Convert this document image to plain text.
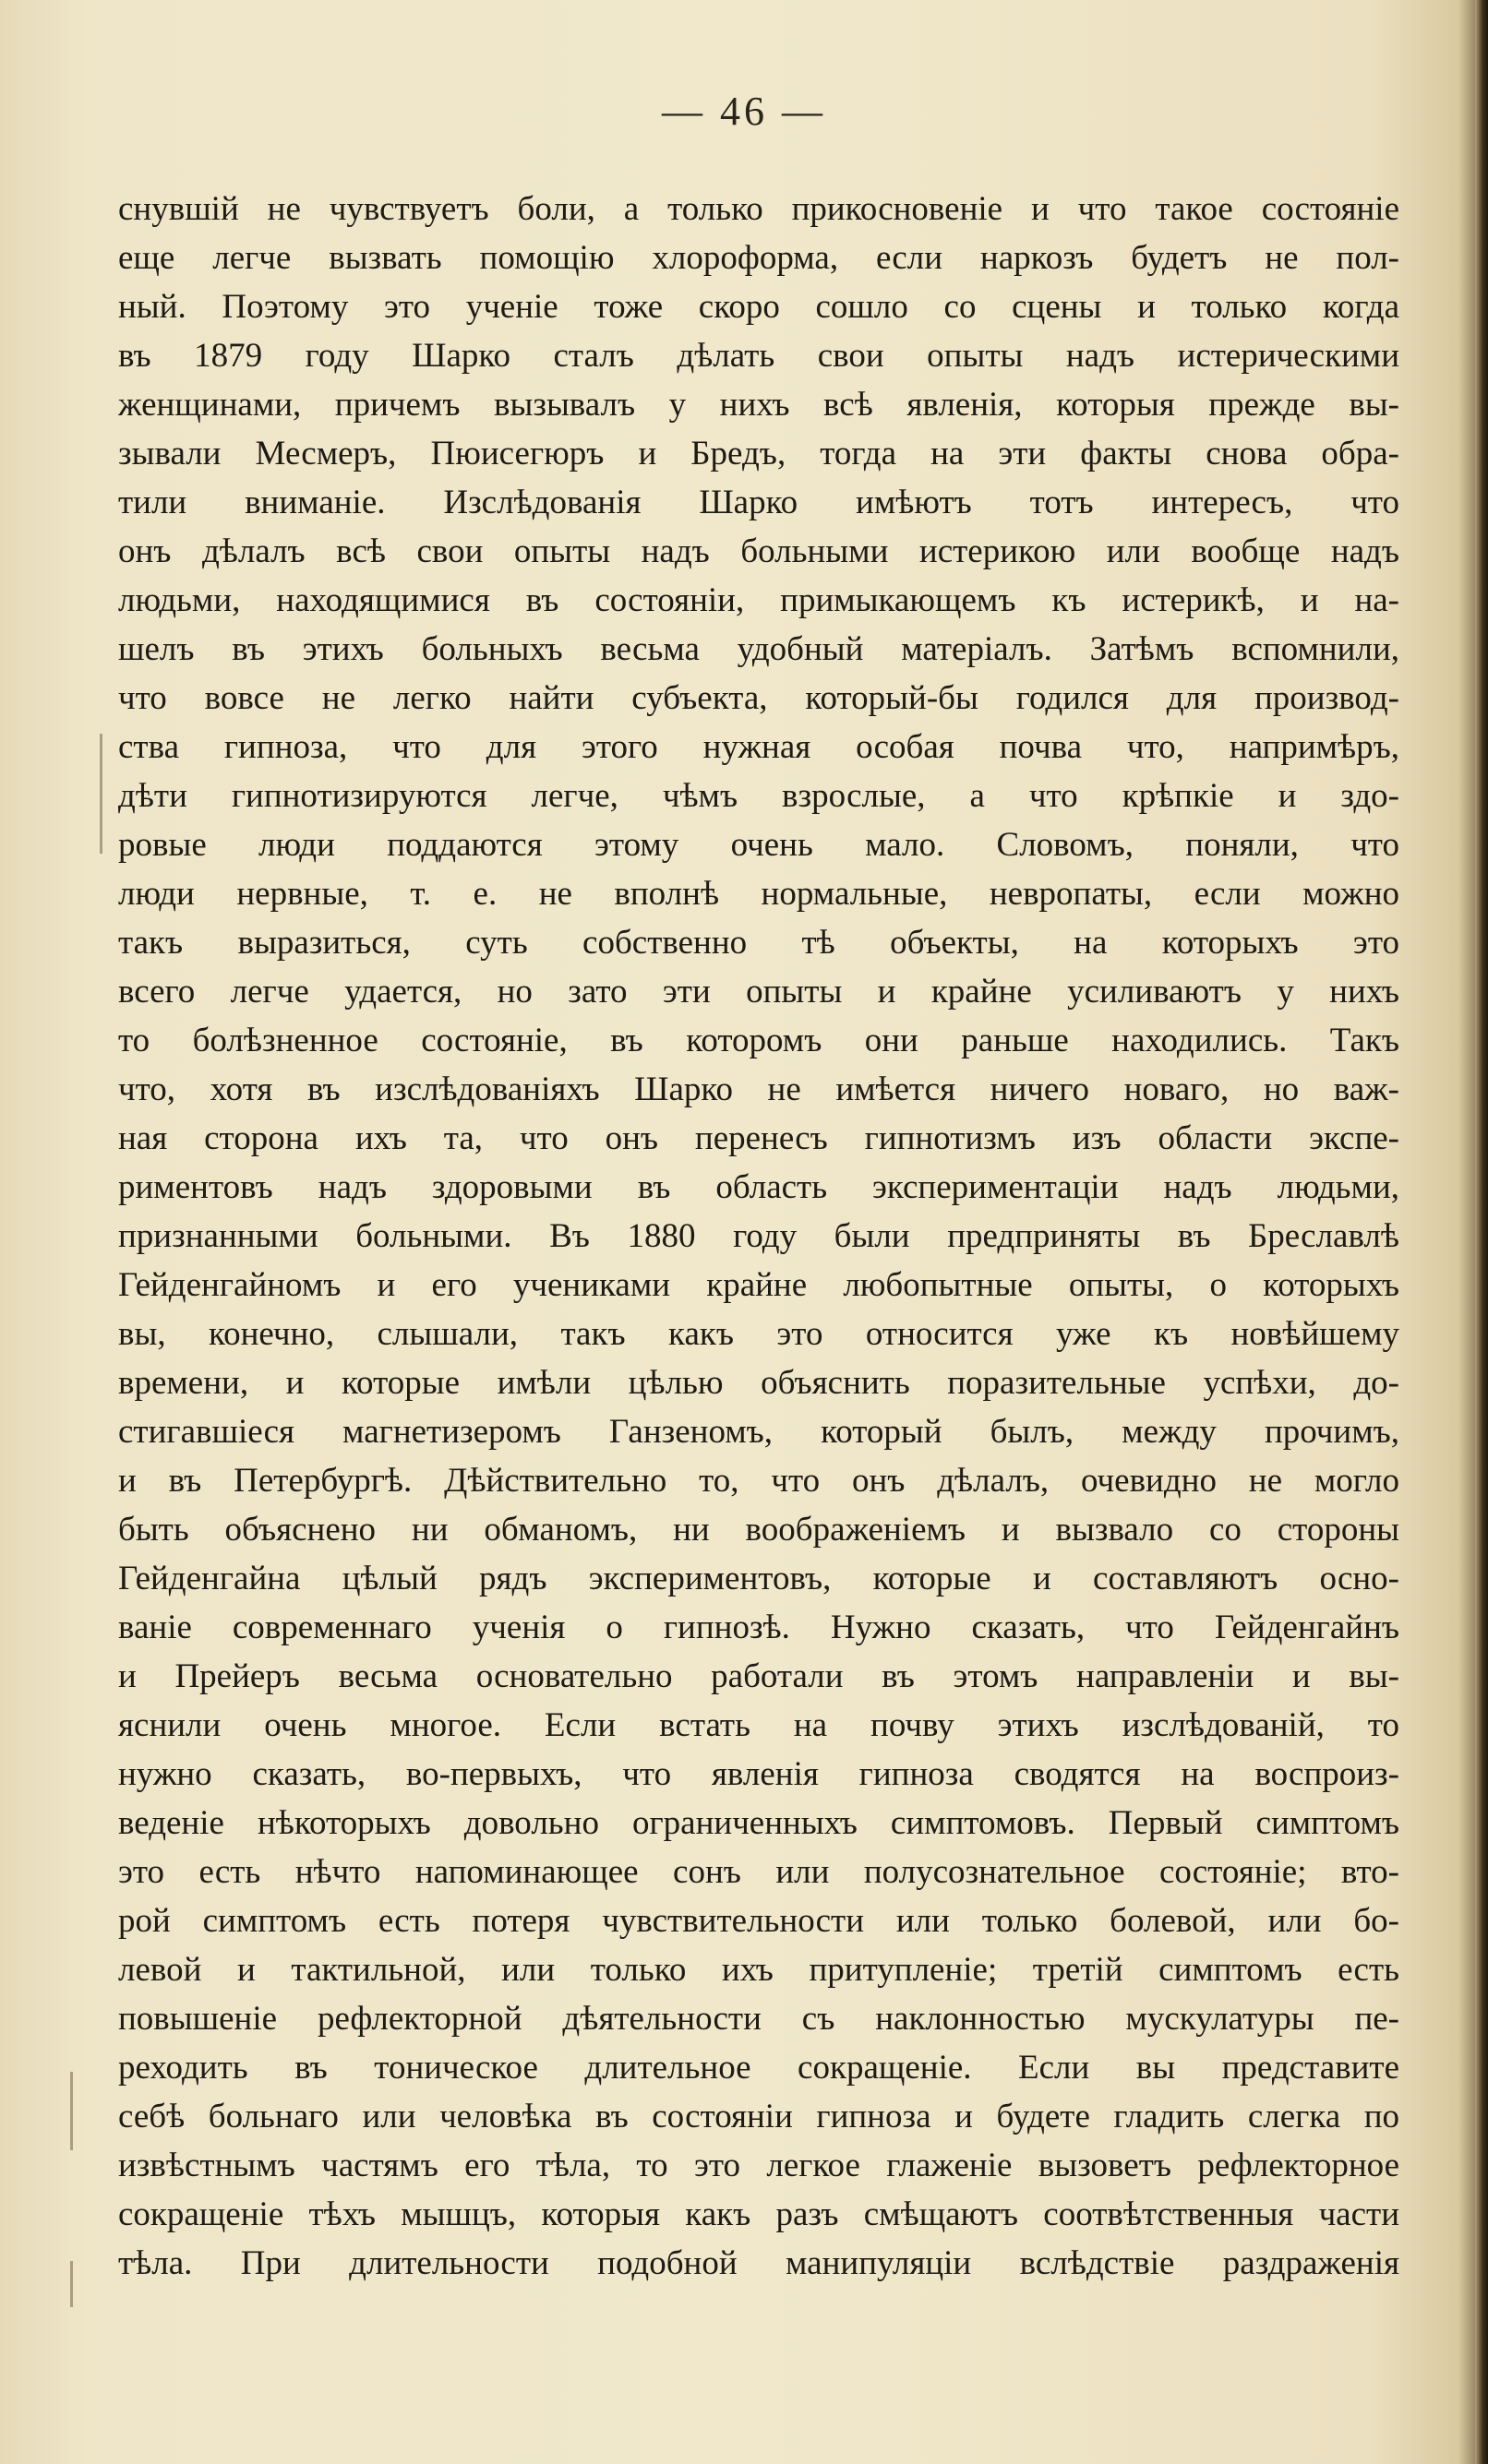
— 46 —
снувшій не чувствуетъ боли, а только прикосновеніе и что такое состояніе
еще легче вызвать помощію хлороформа, если наркозъ будетъ не пол-
ный. Поэтому это ученіе тоже скоро сошло со сцены и только когда
въ 1879 году Шарко сталъ дѣлать свои опыты надъ истерическими
женщинами, причемъ вызывалъ у нихъ всѣ явленія, которыя прежде вы-
зывали Месмеръ, Пюисегюръ и Бредъ, тогда на эти факты снова обра-
тили вниманіе. Изслѣдованія Шарко имѣютъ тотъ интересъ, что
онъ дѣлалъ всѣ свои опыты надъ больными истерикою или вообще надъ
людьми, находящимися въ состояніи, примыкающемъ къ истерикѣ, и на-
шелъ въ этихъ больныхъ весьма удобный матеріалъ. Затѣмъ вспомнили,
что вовсе не легко найти субъекта, который-бы годился для производ-
ства гипноза, что для этого нужная особая почва что, напримѣръ,
дѣти гипнотизируются легче, чѣмъ взрослые, а что крѣпкіе и здо-
ровые люди поддаются этому очень мало. Словомъ, поняли, что
люди нервные, т. е. не вполнѣ нормальные, невропаты, если можно
такъ выразиться, суть собственно тѣ объекты, на которыхъ это
всего легче удается, но зато эти опыты и крайне усиливаютъ у нихъ
то болѣзненное состояніе, въ которомъ они раньше находились. Такъ
что, хотя въ изслѣдованіяхъ Шарко не имѣется ничего новаго, но важ-
ная сторона ихъ та, что онъ перенесъ гипнотизмъ изъ области экспе-
риментовъ надъ здоровыми въ область экспериментаціи надъ людьми,
признанными больными. Въ 1880 году были предприняты въ Бреславлѣ
Гейденгайномъ и его учениками крайне любопытные опыты, о которыхъ
вы, конечно, слышали, такъ какъ это относится уже къ новѣйшему
времени, и которые имѣли цѣлью объяснить поразительные успѣхи, до-
стигавшіеся магнетизеромъ Ганзеномъ, который былъ, между прочимъ,
и въ Петербургѣ. Дѣйствительно то, что онъ дѣлалъ, очевидно не могло
быть объяснено ни обманомъ, ни воображеніемъ и вызвало со стороны
Гейденгайна цѣлый рядъ экспериментовъ, которые и составляютъ осно-
ваніе современнаго ученія о гипнозѣ. Нужно сказать, что Гейденгайнъ
и Прейеръ весьма основательно работали въ этомъ направленіи и вы-
яснили очень многое. Если встать на почву этихъ изслѣдованій, то
нужно сказать, во-первыхъ, что явленія гипноза сводятся на воспроиз-
веденіе нѣкоторыхъ довольно ограниченныхъ симптомовъ. Первый симптомъ
это есть нѣчто напоминающее сонъ или полусознательное состояніе; вто-
рой симптомъ есть потеря чувствительности или только болевой, или бо-
левой и тактильной, или только ихъ притупленіе; третій симптомъ есть
повышеніе рефлекторной дѣятельности съ наклонностью мускулатуры пе-
реходить въ тоническое длительное сокращеніе. Если вы представите
себѣ больнаго или человѣка въ состояніи гипноза и будете гладить слегка по
извѣстнымъ частямъ его тѣла, то это легкое глаженіе вызоветъ рефлекторное
сокращеніе тѣхъ мышцъ, которыя какъ разъ смѣщаютъ соотвѣтственныя части
тѣла. При длительности подобной манипуляціи вслѣдствіе раздраженія
